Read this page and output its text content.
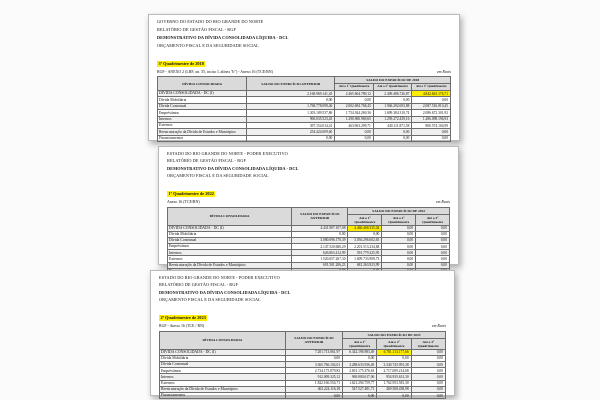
GOVERNO DO ESTADO DO RIO GRANDE DO NORTE
RELATÓRIO DE GESTÃO FISCAL - RGF
DEMONSTRATIVO DA DÍVIDA CONSOLIDADA LÍQUIDA - DCL
ORÇAMENTO FISCAL E DA SEGURIDADE SOCIAL
3º Quadrimestre de 2018
RGF - ANEXO 2 (LRF, art. 55, inciso I, alínea "b") - Anexo 16 (TCE/RN)	em Reais
DÍVIDA CONSOLIDADA	SALDO DO EXERCÍCIO ANTERIOR	SALDO DO EXERCÍCIO DE 2018		
		Até o 1º Quadrimestre	Até o 2º Quadrimestre	Até o 3º Quadrimestre
DÍVIDA CONSOLIDADA - DC (I)	2.168.969.141,45	2.465.604.789,12	2.409.486.726,87	4.842.661.176,71
Dívida Mobiliária	0,00	0,00	0,00	0,00
Dívida Contratual	1.768.778.098,46	2.002.694.768,45	1.946.292.693,88	2.087.516.810,45
Empréstimos	1.303.189.537,86	1.754.924.269,36	1.699.384.310,74	2.086.672.301,92
Internos	906.035.523,45	1.290.960.969,65	1.259.272.439,16	1.286.098.196,93
Externos	397.154.014,41	463.963.299,71	440.111.871,58	800.574.104,99
Reestruturação da Dívida de Estados e Municípios	254.424.009,60	0,00	0,00	0,00
Financiamentos	0,00	0,00	0,00	0,00
ESTADO DO RIO GRANDE DO NORTE - PODER EXECUTIVO
RELATÓRIO DE GESTÃO FISCAL - RGF
DEMONSTRATIVO DA DÍVIDA CONSOLIDADA LÍQUIDA - DCL
ORÇAMENTO FISCAL E DA SEGURIDADE SOCIAL
1º Quadrimestre de 2022
Anexo 16 (TCE/RN)	em Reais
DÍVIDA CONSOLIDADA	SALDO DO EXERCÍCIO ANTERIOR	SALDO DO EXERCÍCIO DE 2022		
		Até o 1º Quadrimestre	Até o 2º Quadrimestre	Até o 3º Quadrimestre
DÍVIDA CONSOLIDADA - DC (I)	4.431.907.107,08	4.460.468.335,04	0,00	0,00
Dívida Mobiliária	0,00	0,00	0,00	0,00
Dívida Contratual	3.080.696.170,39	3.036.296.602,65	0,00	0,00
Empréstimos	2.147.520.680,29	2.201.513.234,68	0,00	0,00
Internos	626.863.412,99	591.779.325,95	0,00	0,00
Externos	1.520.657.267,30	1.609.733.908,73	0,00	0,00
Reestruturação da Dívida de Estados e Municípios	691.501.206,23	681.263.923,99	0,00	0,00

ESTADO DO RIO GRANDE DO NORTE - PODER EXECUTIVO
RELATÓRIO DE GESTÃO FISCAL - RGF
DEMONSTRATIVO DA DÍVIDA CONSOLIDADA LÍQUIDA - DCL
ORÇAMENTO FISCAL E DA SEGURIDADE SOCIAL
2º Quadrimestre de 2023
RGF - Anexo 16 (TCE / RN)	em Reais
DÍVIDA CONSOLIDADA	SALDO DO EXERCÍCIO ANTERIOR	SALDO DO EXERCÍCIO DE 2023		
		Até o 1º Quadrimestre	Até o 2º Quadrimestre	Até o 3º Quadrimestre
DÍVIDA CONSOLIDADA - DC (I)	7.201.713.061,97	6.342.196.983,49	6.781.113.177,66	0,00
Dívida Mobiliária	0,00	0,00	0,00	0,00
Dívida Contratual	3.365.766.102,01	3.288.633.936,49	3.340.743.991,38	0,00
Empréstimos	2.734.175.879,83	2.691.175.376,63	2.717.009.214,68	0,00
Internos	912.009.325,12	969.000.617,06	954.935.631,30	0,00
Externos	1.822.166.554,71	1.621.294.759,77	1.762.953.581,30	0,00
Reestruturação da Dívida de Estados e Municípios	463.224.116,18	547.527.481,71	469.508.458,98	0,00
Financiamentos	0,00	0,00	0,00	0,00
